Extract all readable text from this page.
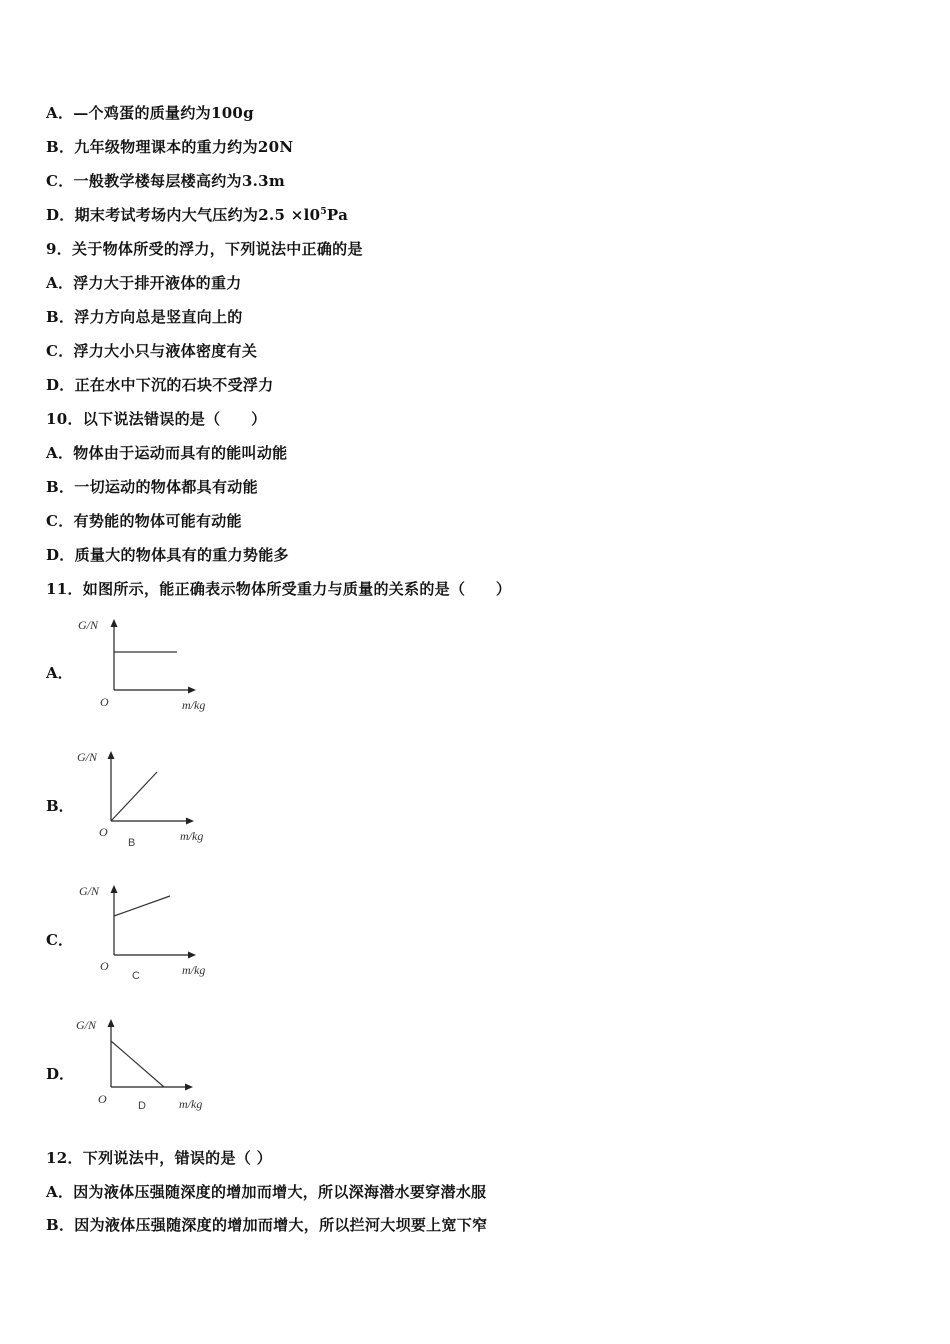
A．—个鸡蛋的质量约为100g
B．九年级物理课本的重力约为20N
C．一般教学楼每层楼高约为3.3m
D．期末考试考场内大气压约为$2.5 \times l0^5Pa$
9．关于物体所受的浮力，下列说法中正确的是
A．浮力大于排开液体的重力
B．浮力方向总是竖直向上的
C．浮力大小只与液体密度有关
D．正在水中下沉的石块不受浮力
10．以下说法错误的是（　　）
A．物体由于运动而具有的能叫动能
B．一切运动的物体都具有动能
C．有势能的物体可能有动能
D．质量大的物体具有的重力势能多
11．如图所示，能正确表示物体所受重力与质量的关系的是（　　）
A．
G/N
O	m/kg
B．
G/N
O
B	m/kg
C．
G/N
O
C	m/kg
D．
G/N
O	D	m/kg
12．下列说法中，错误的是（ ）
A．因为液体压强随深度的增加而增大，所以深海潜水要穿潜水服
B．因为液体压强随深度的增加而增大，所以拦河大坝要上宽下窄
